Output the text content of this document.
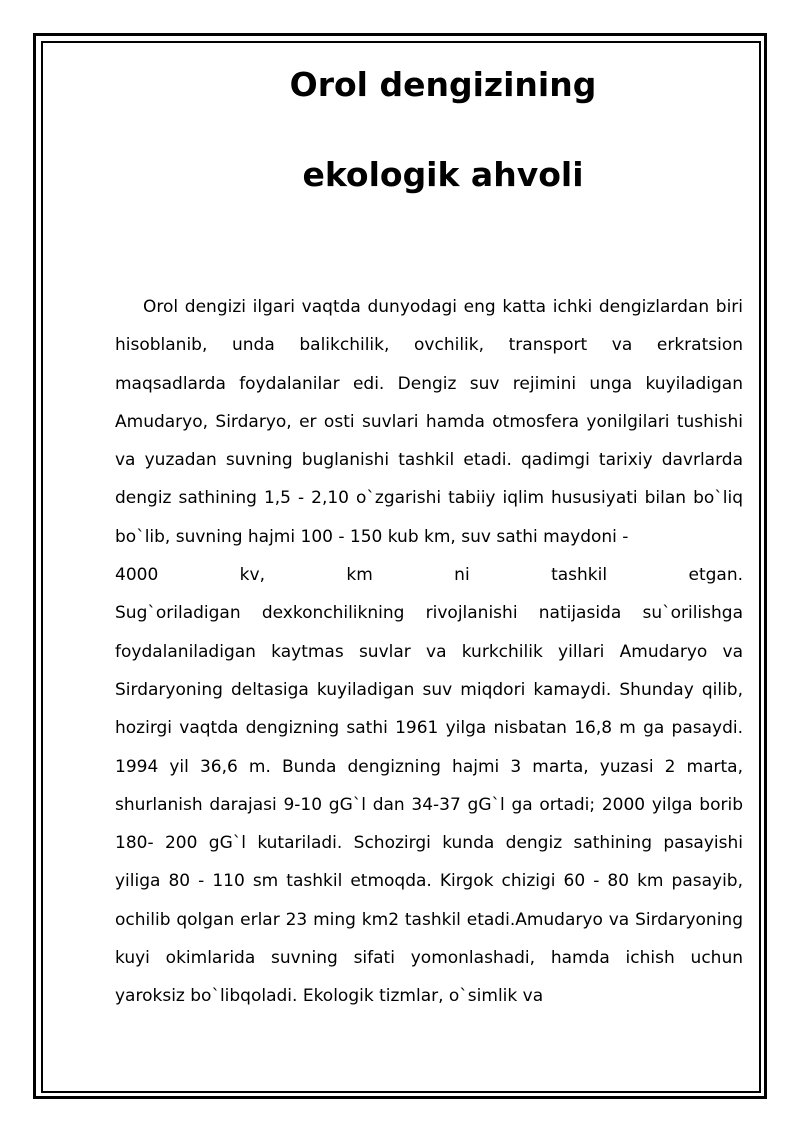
Orol dengizining
ekologik ahvoli

Orol dengizi ilgari vaqtda dunyodagi eng katta ichki dengizlardan biri hisoblanib, unda balikchilik, ovchilik, transport va erkratsion maqsadlarda foydalanilar edi. Dengiz suv rejimini unga kuyiladigan Amudaryo, Sirdaryo, er osti suvlari hamda otmosfera yonilgilari tushishi va yuzadan suvning buglanishi tashkil etadi. qadimgi tarixiy davrlarda dengiz sathining 1,5 - 2,10 o`zgarishi tabiiy iqlim hususiyati bilan bo`liq bo`lib, suvning hajmi 100 - 150 kub km, suv sathi maydoni -

4000 kv, km ni tashkil etgan.

Sug`oriladigan dexkonchilikning rivojlanishi natijasida su`orilishga foydalaniladigan kaytmas suvlar va kurkchilik yillari Amudaryo va Sirdaryoning deltasiga kuyiladigan suv miqdori kamaydi. Shunday qilib, hozirgi vaqtda dengizning sathi 1961 yilga nisbatan 16,8 m ga pasaydi. 1994 yil 36,6 m. Bunda dengizning hajmi 3 marta, yuzasi 2 marta, shurlanish darajasi 9-10 gG`l dan 34-37 gG`l ga ortadi; 2000 yilga borib 180- 200 gG`l kutariladi. Schozirgi kunda dengiz sathining pasayishi yiliga 80 - 110 sm tashkil etmoqda. Kirgok chizigi 60 - 80 km pasayib, ochilib qolgan erlar 23 ming km2 tashkil etadi.Amudaryo va Sirdaryoning kuyi okimlarida suvning sifati yomonlashadi, hamda ichish uchun yaroksiz bo`libqoladi. Ekologik tizmlar, o`simlik va
